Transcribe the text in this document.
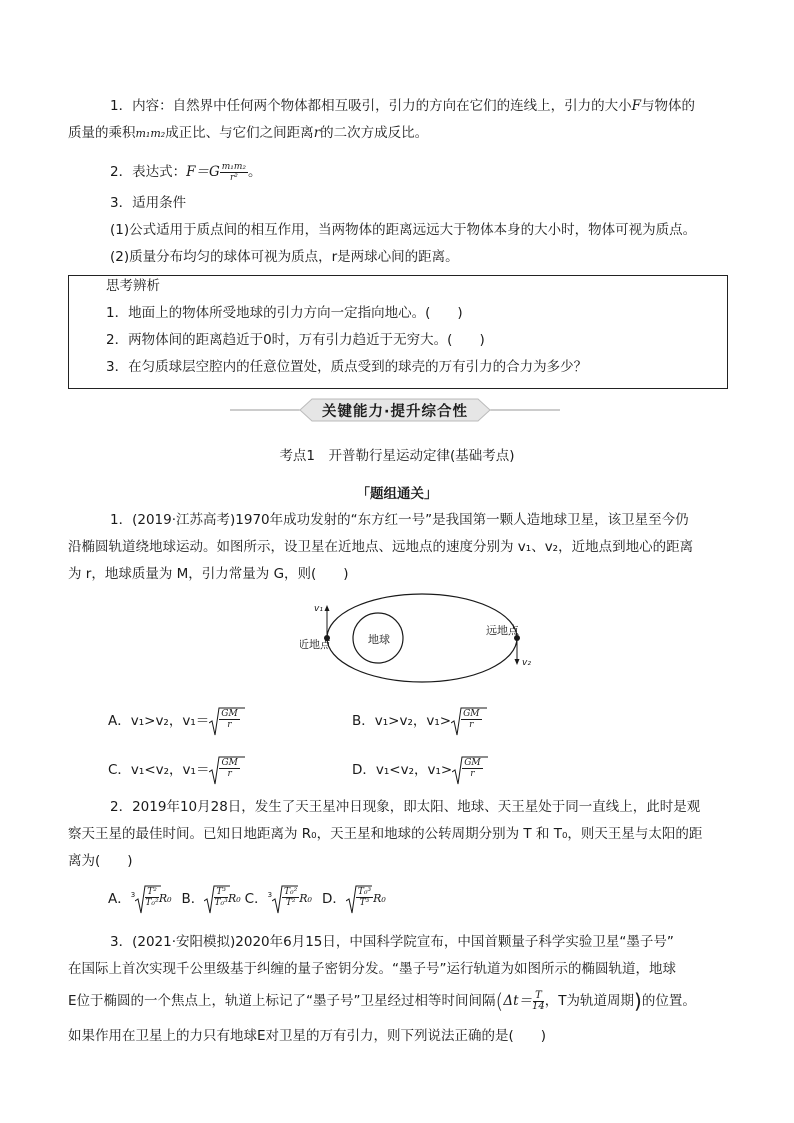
1．内容：自然界中任何两个物体都相互吸引，引力的方向在它们的连线上，引力的大小F与物体的
质量的乘积m₁m₂成正比、与它们之间距离r的二次方成反比。
2．表达式： $F=G \frac{\text{m₁m₂}}{\text{r²}}$ 。
3．适用条件
(1)公式适用于质点间的相互作用，当两物体的距离远远大于物体本身的大小时，物体可视为质点。
(2)质量分布均匀的球体可视为质点，r是两球心间的距离。
思考辨析
1．地面上的物体所受地球的引力方向一定指向地心。(　　)
2．两物体间的距离趋近于0时，万有引力趋近于无穷大。(　　)
3．在匀质球层空腔内的任意位置处，质点受到的球壳的万有引力的合力为多少？
关键能力·提升综合性
考点1　开普勒行星运动定律(基础考点)
「题组通关」
1．(2019·江苏高考)1970年成功发射的“东方红一号”是我国第一颗人造地球卫星，该卫星至今仍
沿椭圆轨道绕地球运动。如图所示，设卫星在近地点、远地点的速度分别为 v₁、v₂，近地点到地心的距离
为 r，地球质量为 M，引力常量为 G，则(　　)
地球
近地点
远地点
v₁
v₂
A．v₁>v₂，$v_1= \frac{GM}{r}$	B．v₁>v₂，$v_1> \frac{GM}{r}$
C．v₁<v₂，$v_1= \frac{GM}{r}$	D．v₁<v₂，$v_1> \frac{GM}{r}$
2．2019年10月28日，发生了天王星冲日现象，即太阳、地球、天王星处于同一直线上，此时是观
察天王星的最佳时间。已知日地距离为 R₀，天王星和地球的公转周期分别为 T 和 T₀，则天王星与太阳的距
离为(　　)
A． $3 \frac{\text{T²}}{\text{T₀²}} R_0$ B． $\frac{\text{T³}}{\text{T₀³}} R_0$ C． $3 \frac{\text{T₀²}}{\text{T²}} R_0$ D． $\frac{\text{T₀³}}{\text{T³}} R_0$
3．(2021·安阳模拟)2020年6月15日，中国科学院宣布，中国首颗量子科学实验卫星“墨子号”
在国际上首次实现千公里级基于纠缠的量子密钥分发。“墨子号”运行轨道为如图所示的椭圆轨道，地球
E位于椭圆的一个焦点上，轨道上标记了“墨子号”卫星经过相等时间间隔 ( $\Delta t= \frac{T}{14}$ ，T为轨道周期 ) 的位置。
如果作用在卫星上的力只有地球E对卫星的万有引力，则下列说法正确的是(　　)
